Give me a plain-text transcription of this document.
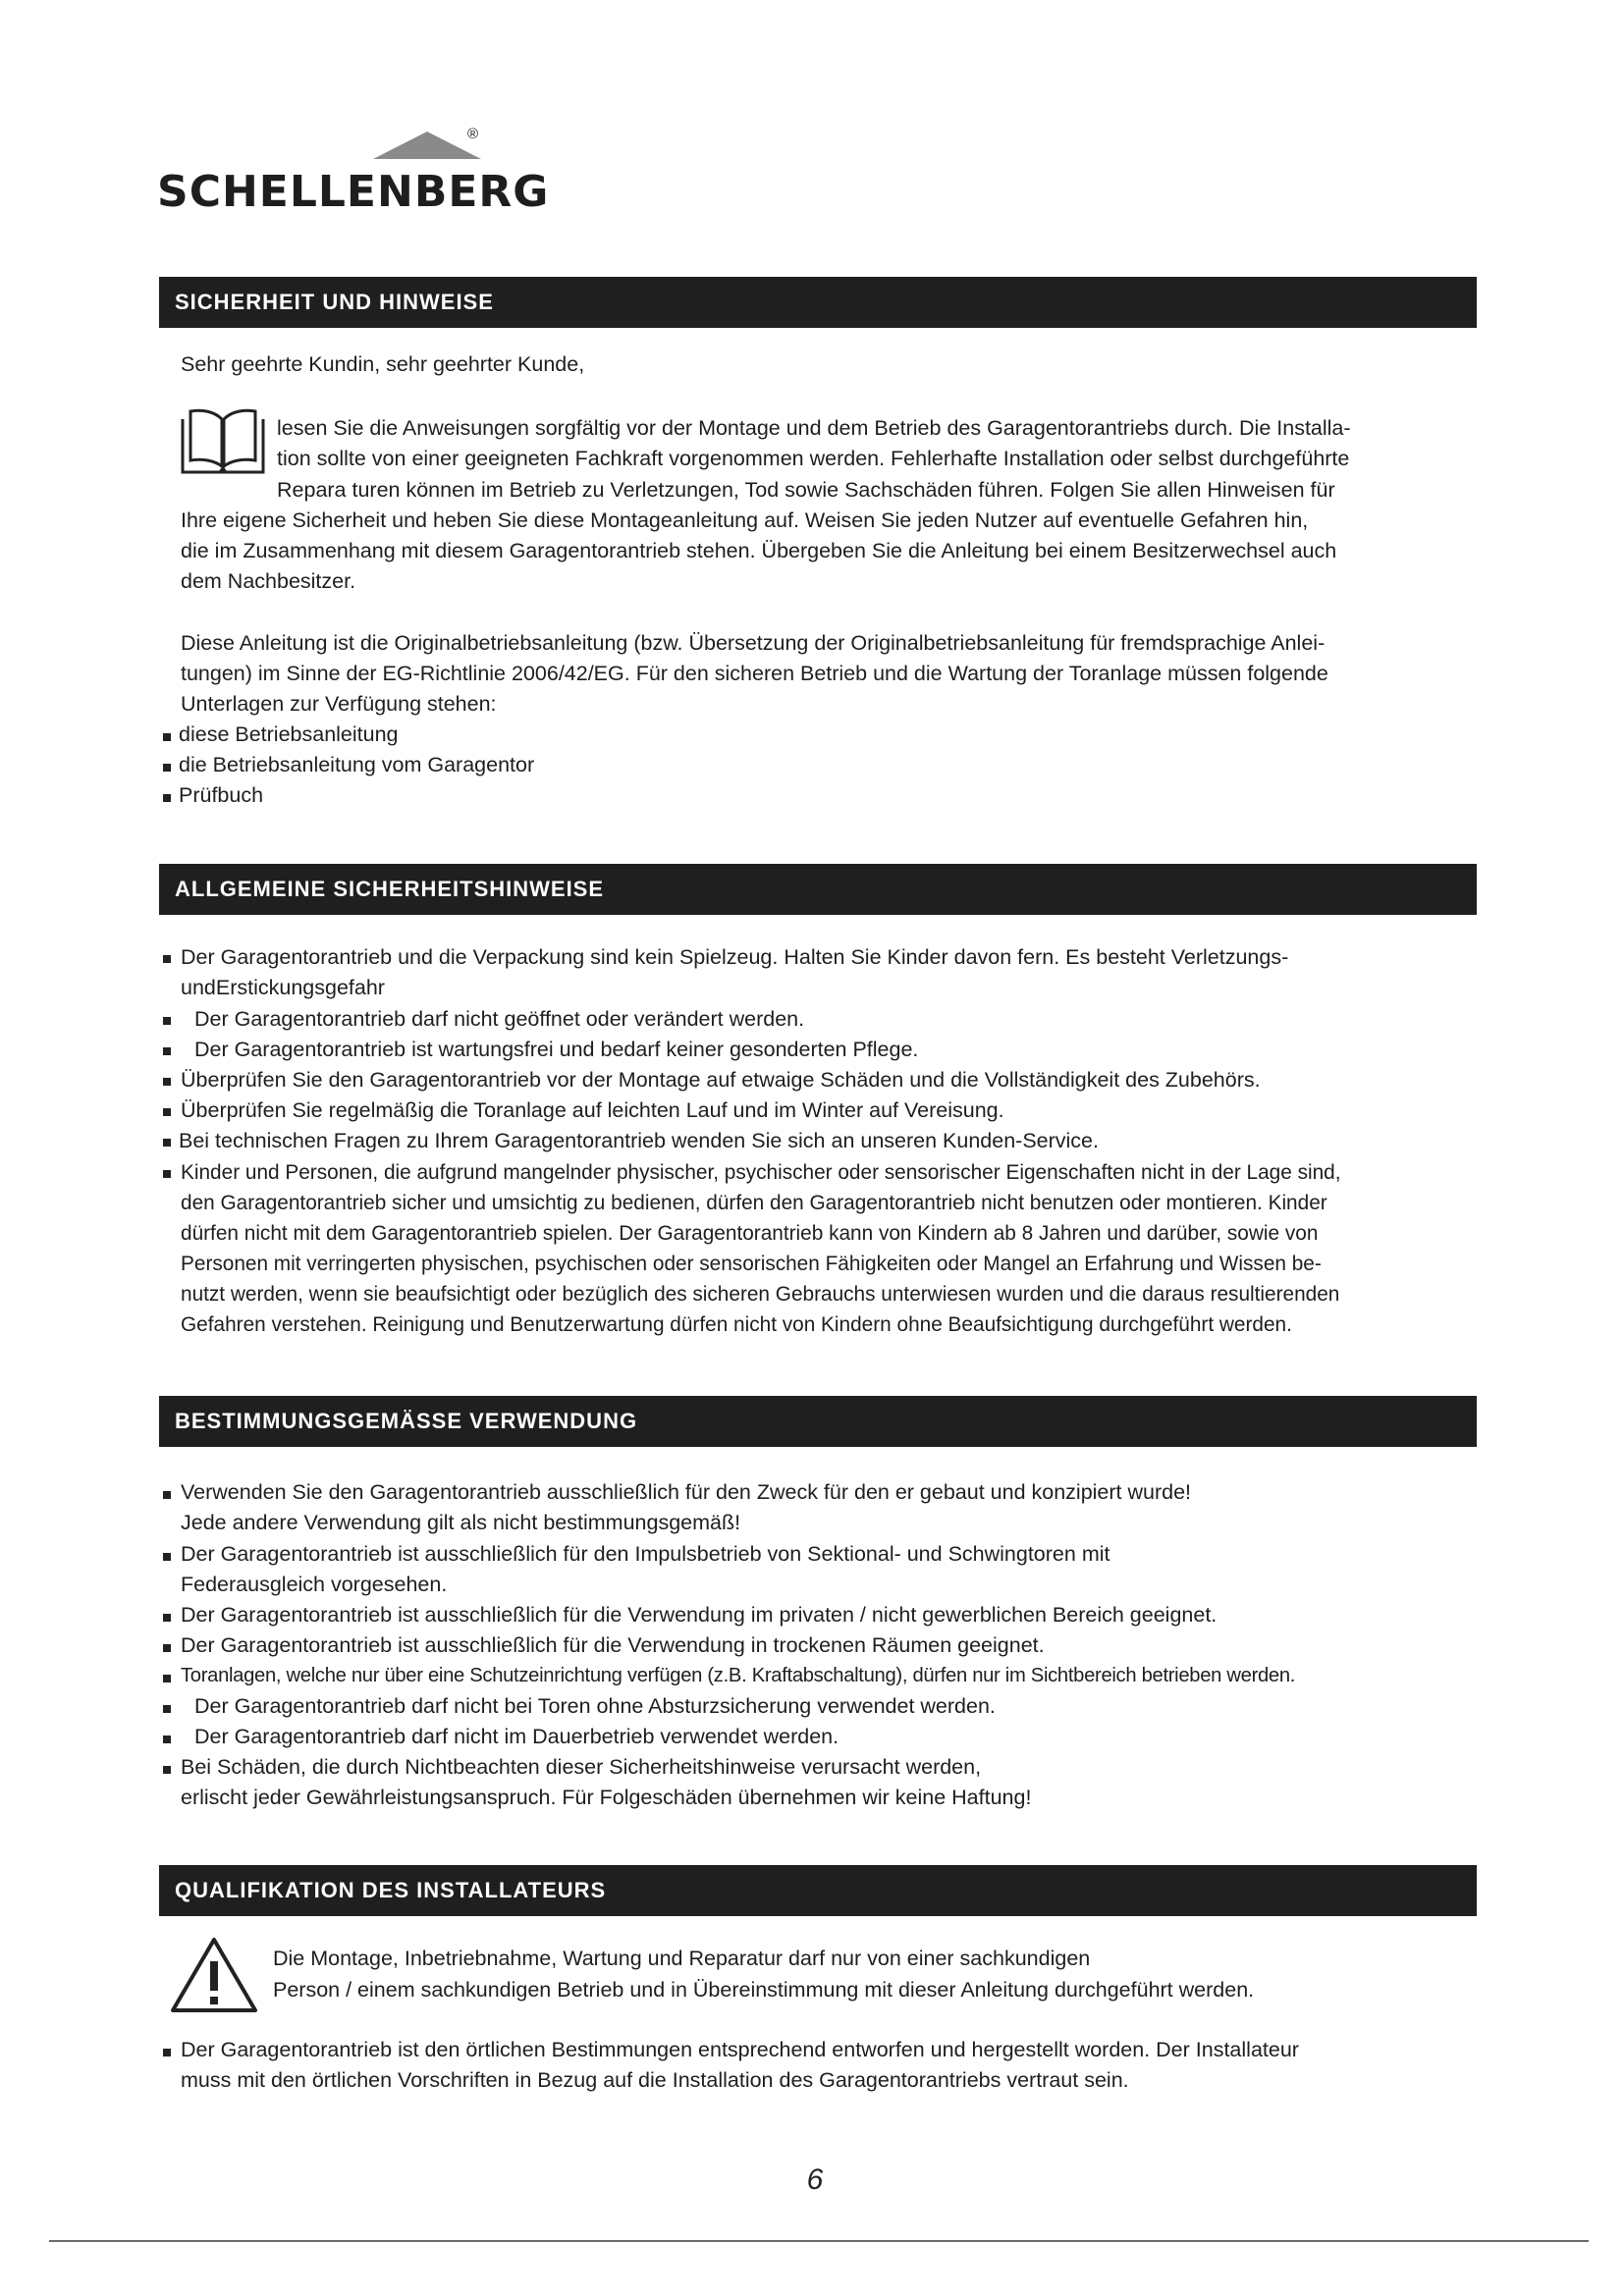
®
SCHELLENBERG
SICHERHEIT UND HINWEISE

Sehr geehrte Kundin, sehr geehrter Kunde,

lesen Sie die Anweisungen sorgfältig vor der Montage und dem Betrieb des Garagentorantriebs durch. Die Installa-

tion sollte von einer geeigneten Fachkraft vorgenommen werden. Fehlerhafte Installation oder selbst durchgeführte

Repara turen können im Betrieb zu Verletzungen, Tod sowie Sachschäden führen. Folgen Sie allen Hinweisen für

Ihre eigene Sicherheit und heben Sie diese Montageanleitung auf. Weisen Sie jeden Nutzer auf eventuelle Gefahren hin,

die im Zusammenhang mit diesem Garagentorantrieb stehen. Übergeben Sie die Anleitung bei einem Besitzerwechsel auch

dem Nachbesitzer.

Diese Anleitung ist die Originalbetriebsanleitung (bzw. Übersetzung der Originalbetriebsanleitung für fremdsprachige Anlei-

tungen) im Sinne der EG-Richtlinie 2006/42/EG. Für den sicheren Betrieb und die Wartung der Toranlage müssen folgende

Unterlagen zur Verfügung stehen:

diese Betriebsanleitung
die Betriebsanleitung vom Garagentor
Prüfbuch
ALLGEMEINE SICHERHEITSHINWEISE
Der Garagentorantrieb und die Verpackung sind kein Spielzeug. Halten Sie Kinder davon fern. Es besteht Verletzungs-
undErstickungsgefahr
Der Garagentorantrieb darf nicht geöffnet oder verändert werden.
Der Garagentorantrieb ist wartungsfrei und bedarf keiner gesonderten Pflege.
Überprüfen Sie den Garagentorantrieb vor der Montage auf etwaige Schäden und die Vollständigkeit des Zubehörs.
Überprüfen Sie regelmäßig die Toranlage auf leichten Lauf und im Winter auf Vereisung.
Bei technischen Fragen zu Ihrem Garagentorantrieb wenden Sie sich an unseren Kunden-Service.
Kinder und Personen, die aufgrund mangelnder physischer, psychischer oder sensorischer Eigenschaften nicht in der Lage sind,
den Garagentorantrieb sicher und umsichtig zu bedienen, dürfen den Garagentorantrieb nicht benutzen oder montieren. Kinder
dürfen nicht mit dem Garagentorantrieb spielen. Der Garagentorantrieb kann von Kindern ab 8 Jahren und darüber, sowie von
Personen mit verringerten physischen, psychischen oder sensorischen Fähigkeiten oder Mangel an Erfahrung und Wissen be-
nutzt werden, wenn sie beaufsichtigt oder bezüglich des sicheren Gebrauchs unterwiesen wurden und die daraus resultierenden
Gefahren verstehen. Reinigung und Benutzerwartung dürfen nicht von Kindern ohne Beaufsichtigung durchgeführt werden.
BESTIMMUNGSGEMÄSSE VERWENDUNG
Verwenden Sie den Garagentorantrieb ausschließlich für den Zweck für den er gebaut und konzipiert wurde!
Jede andere Verwendung gilt als nicht bestimmungsgemäß!
Der Garagentorantrieb ist ausschließlich für den Impulsbetrieb von Sektional- und Schwingtoren mit
Federausgleich vorgesehen.
Der Garagentorantrieb ist ausschließlich für die Verwendung im privaten / nicht gewerblichen Bereich geeignet.
Der Garagentorantrieb ist ausschließlich für die Verwendung in trockenen Räumen geeignet.
Toranlagen, welche nur über eine Schutzeinrichtung verfügen (z.B. Kraftabschaltung), dürfen nur im Sichtbereich betrieben werden.
Der Garagentorantrieb darf nicht bei Toren ohne Absturzsicherung verwendet werden.
Der Garagentorantrieb darf nicht im Dauerbetrieb verwendet werden.
Bei Schäden, die durch Nichtbeachten dieser Sicherheitshinweise verursacht werden,
erlischt jeder Gewährleistungsanspruch. Für Folgeschäden übernehmen wir keine Haftung!
QUALIFIKATION DES INSTALLATEURS

Die Montage, Inbetriebnahme, Wartung und Reparatur darf nur von einer sachkundigen

Person / einem sachkundigen Betrieb und in Übereinstimmung mit dieser Anleitung durchgeführt werden.

Der Garagentorantrieb ist den örtlichen Bestimmungen entsprechend entworfen und hergestellt worden. Der Installateur
muss mit den örtlichen Vorschriften in Bezug auf die Installation des Garagentorantriebs vertraut sein.
6
